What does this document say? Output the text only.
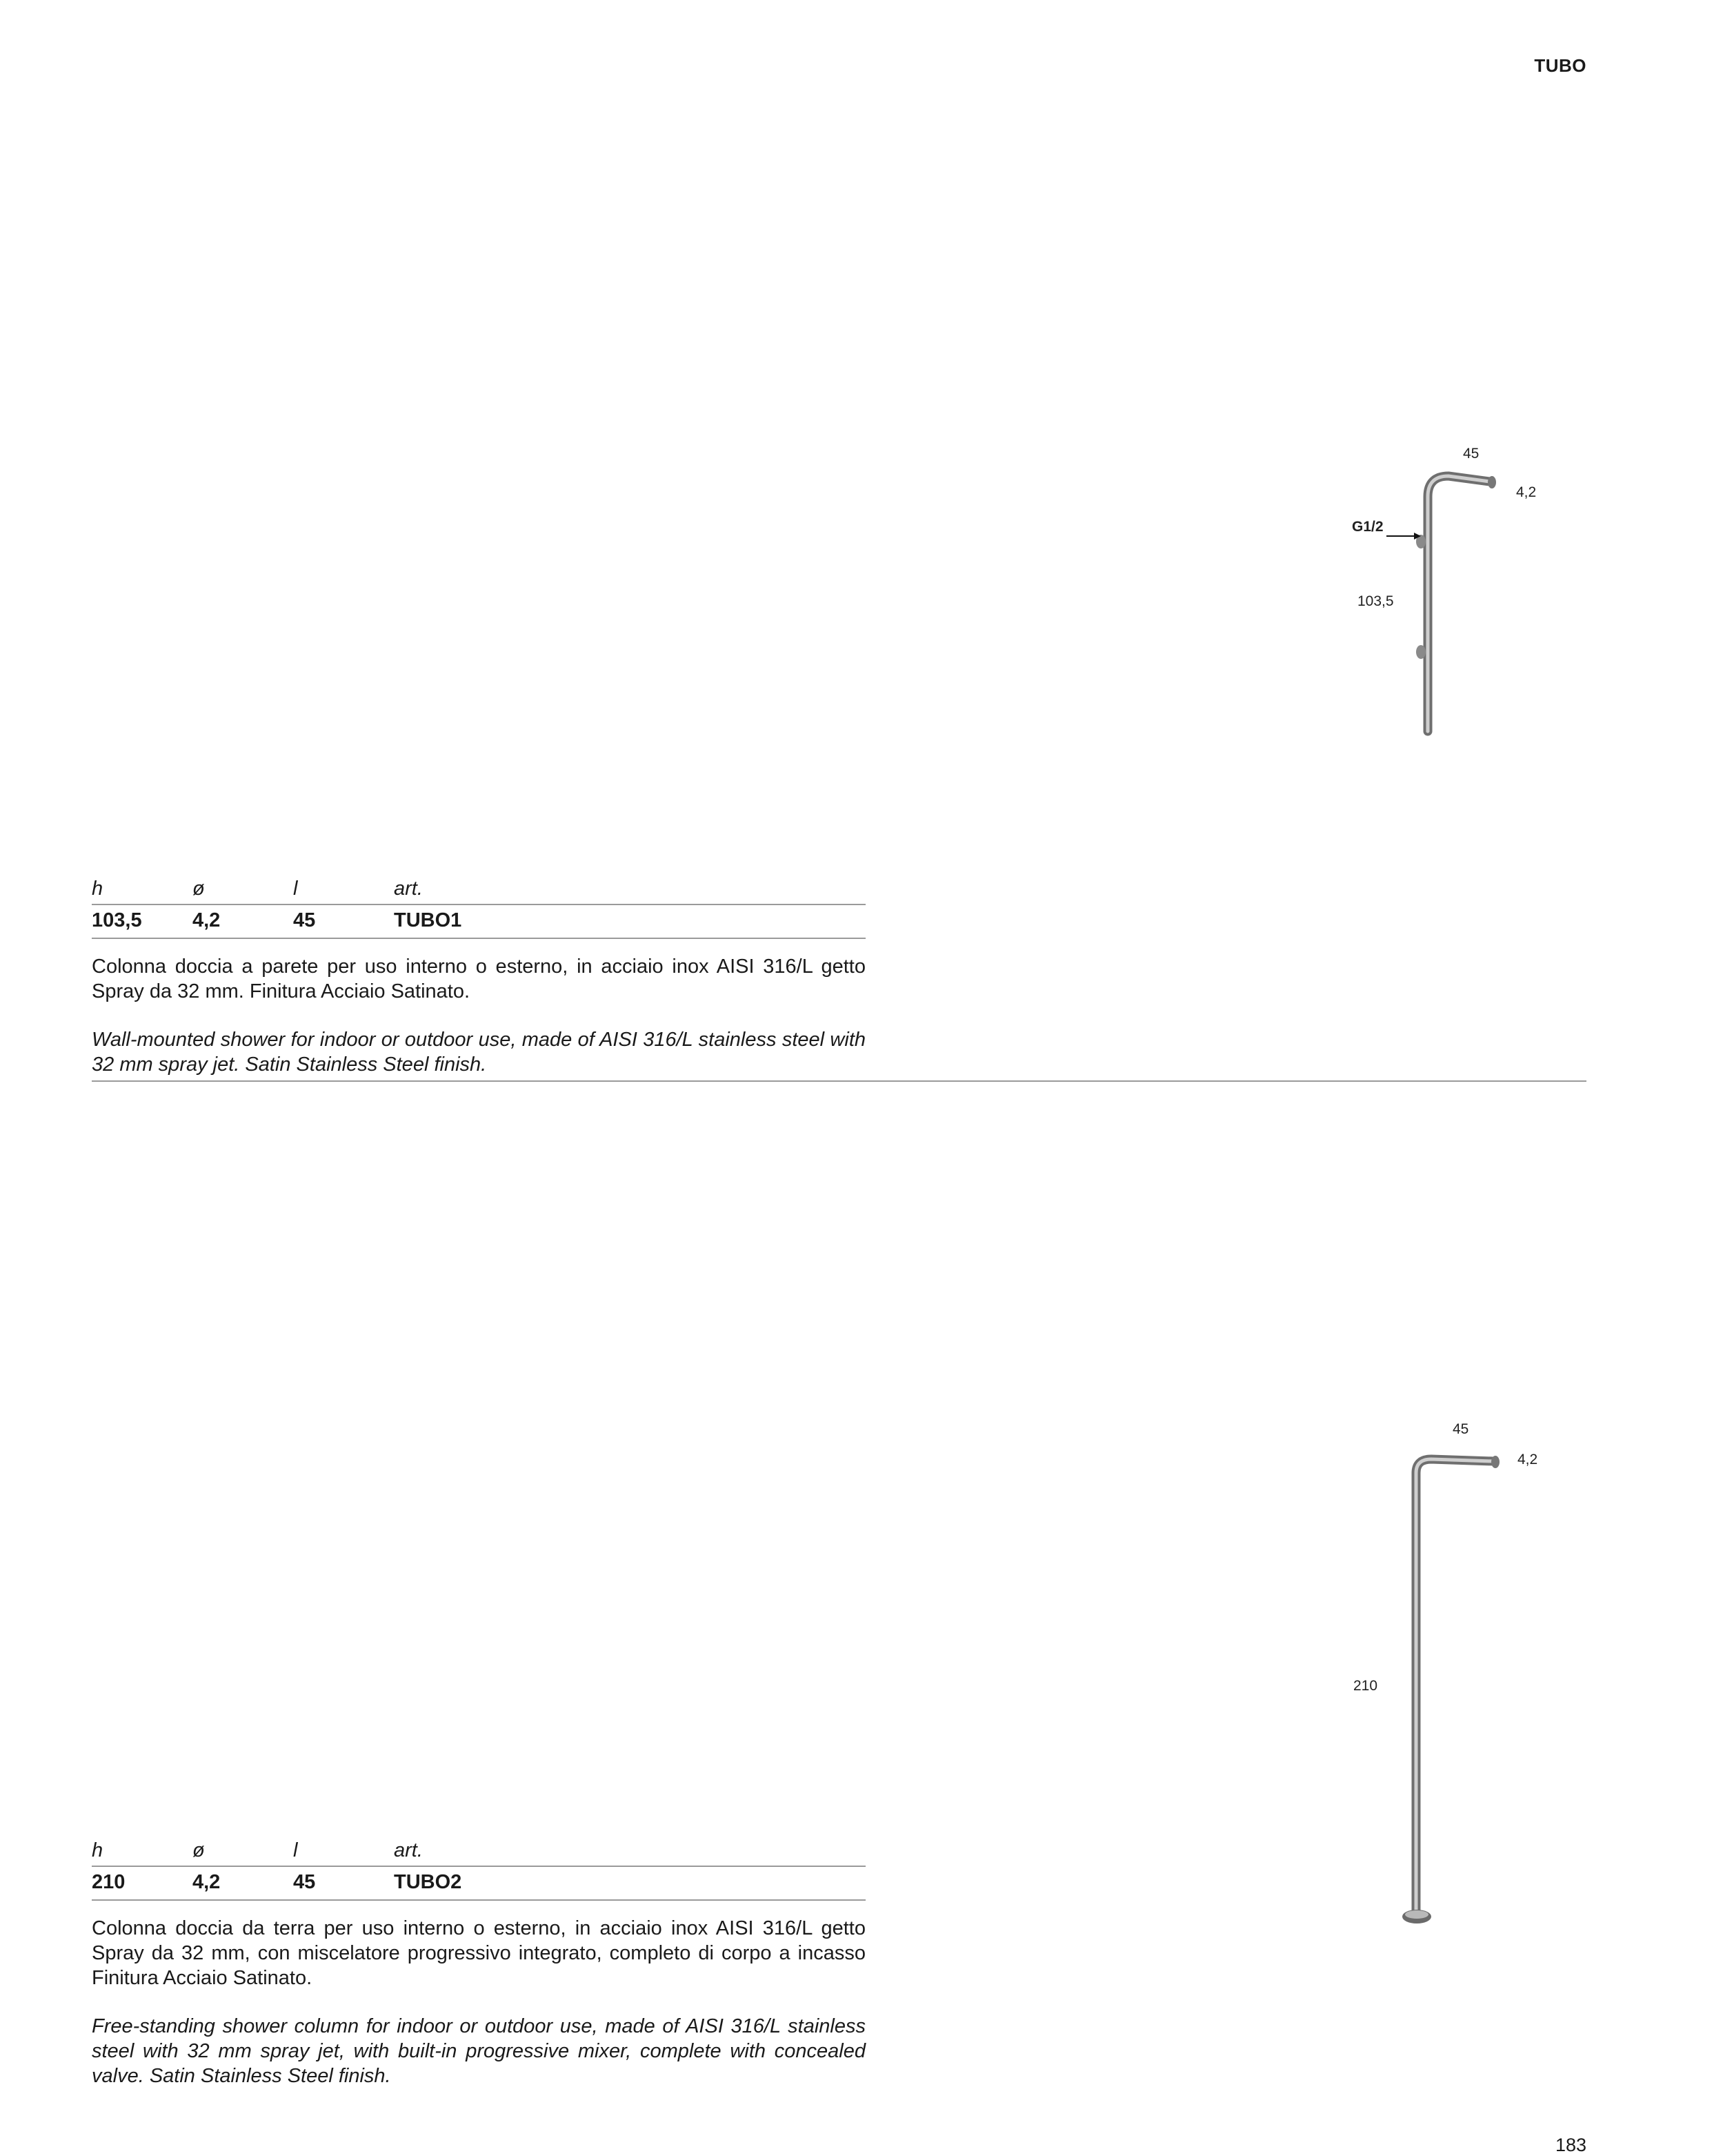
TUBO
45
4,2
G1/2
103,5
h	ø	l	art.
103,5	4,2	45	TUBO1

Colonna doccia a parete per uso interno o esterno, in acciaio inox AISI 316/L getto Spray da 32 mm. Finitura Acciaio Satinato.

Wall-mounted shower for indoor or outdoor use, made of AISI 316/L stainless steel with 32 mm spray jet. Satin Stainless Steel finish.

45
4,2
210
h	ø	l	art.
210	4,2	45	TUBO2

Colonna doccia da terra per uso interno o esterno, in acciaio inox AISI 316/L getto Spray da 32 mm, con miscelatore progressivo integrato, completo di corpo a incasso Finitura Acciaio Satinato.

Free-standing shower column for indoor or outdoor use, made of AISI 316/L stainless steel with 32 mm spray jet, with built-in progressive mixer, complete with concealed valve. Satin Stainless Steel finish.

183
